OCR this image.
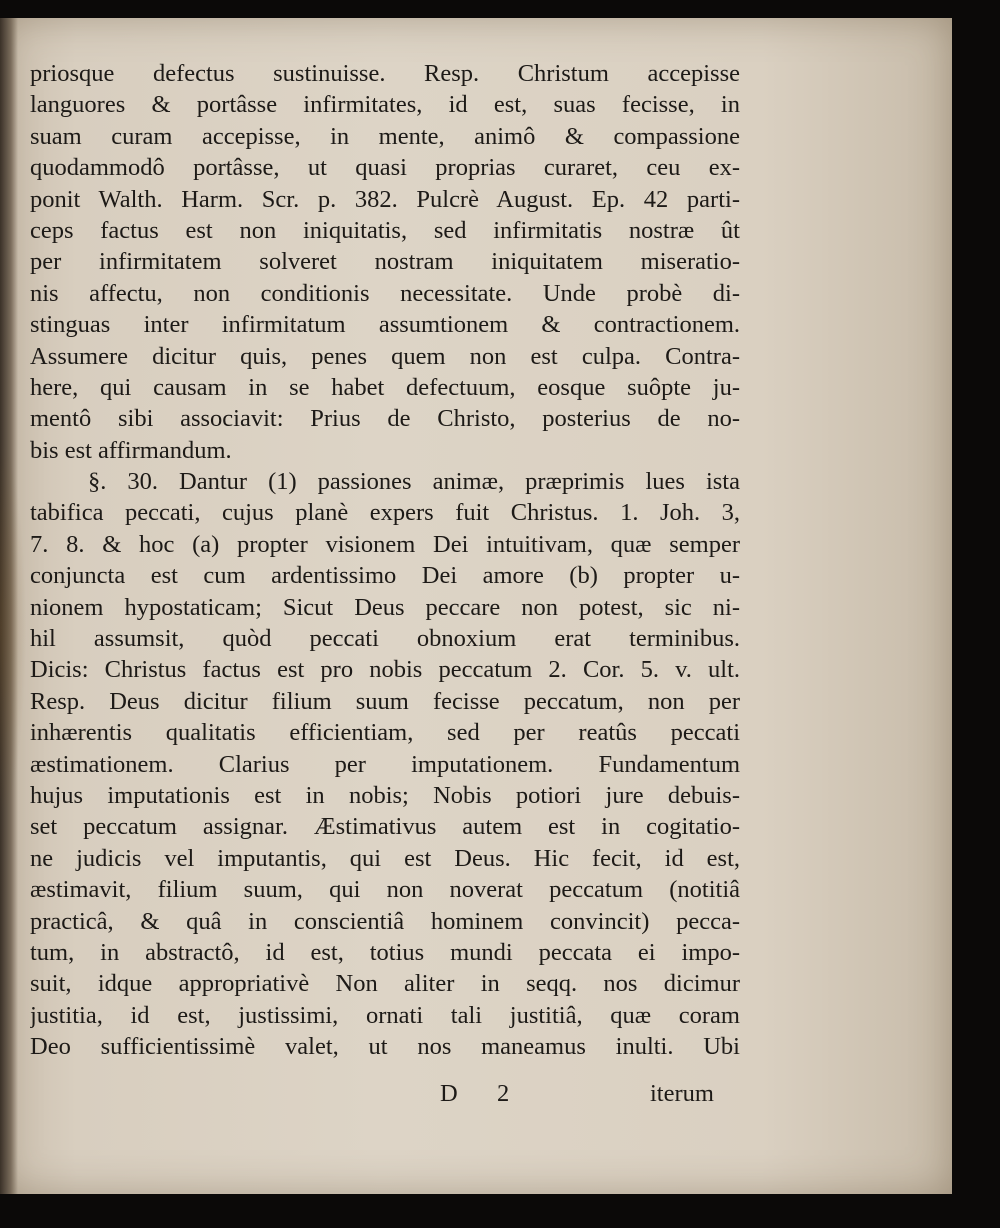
priosque defectus sustinuisse. Resp. Christum accepisse
languores & portâsse infirmitates, id est, suas fecisse, in
suam curam accepisse, in mente, animô & compassione
quodammodô portâsse, ut quasi proprias curaret, ceu ex-
ponit Walth. Harm. Scr. p. 382. Pulcrè August. Ep. 42 parti-
ceps factus est non iniquitatis, sed infirmitatis nostræ ût
per infirmitatem solveret nostram iniquitatem miseratio-
nis affectu, non conditionis necessitate. Unde probè di-
stinguas inter infirmitatum assumtionem & contractionem.
Assumere dicitur quis, penes quem non est culpa. Contra-
here, qui causam in se habet defectuum, eosque suôpte ju-
mentô sibi associavit: Prius de Christo, posterius de no-
bis est affirmandum.
§. 30. Dantur (1) passiones animæ, præprimis lues ista
tabifica peccati, cujus planè expers fuit Christus. 1. Joh. 3,
7. 8. & hoc (a) propter visionem Dei intuitivam, quæ semper
conjuncta est cum ardentissimo Dei amore (b) propter u-
nionem hypostaticam; Sicut Deus peccare non potest, sic ni-
hil assumsit, quòd peccati obnoxium erat terminibus.
Dicis: Christus factus est pro nobis peccatum 2. Cor. 5. v. ult.
Resp. Deus dicitur filium suum fecisse peccatum, non per
inhærentis qualitatis efficientiam, sed per reatûs peccati
æstimationem. Clarius per imputationem. Fundamentum
hujus imputationis est in nobis; Nobis potiori jure debuis-
set peccatum assignar. Æstimativus autem est in cogitatio-
ne judicis vel imputantis, qui est Deus. Hic fecit, id est,
æstimavit, filium suum, qui non noverat peccatum (notitiâ
practicâ, & quâ in conscientiâ hominem convincit) pecca-
tum, in abstractô, id est, totius mundi peccata ei impo-
suit, idque appropriativè Non aliter in seqq. nos dicimur
justitia, id est, justissimi, ornati tali justitiâ, quæ coram
Deo sufficientissimè valet, ut nos maneamus inulti. Ubi
D 2	iterum
